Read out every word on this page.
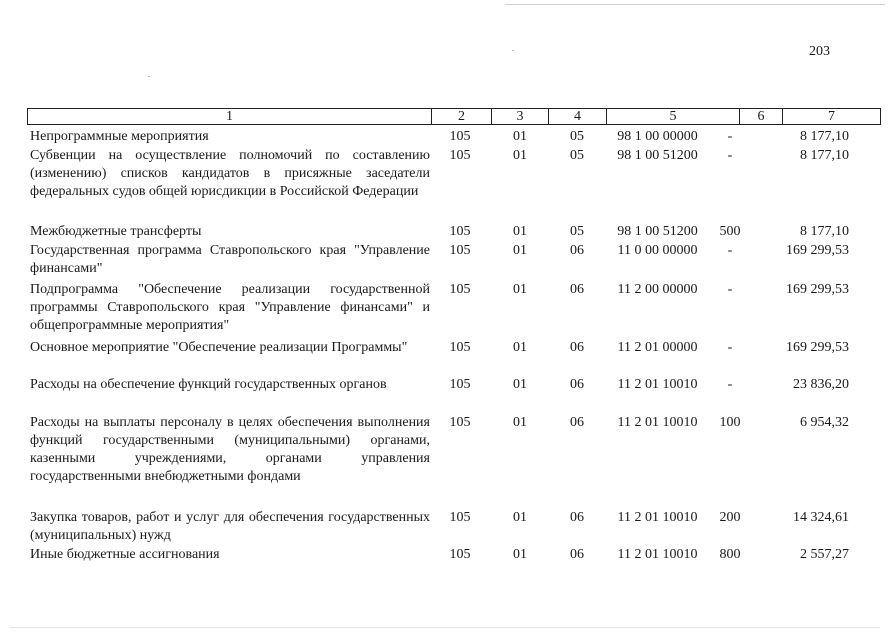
203
1	2	3	4	5	6	7
Непрограммные мероприятия	105	01	05	98 1 00 00000	-	8 177,10
Субвенции на осуществление полномочий по составлению (изменению) списков кандидатов в присяжные заседатели федеральных судов общей юрисдикции в Российской Федерации
105	01	05	98 1 00 51200	-	8 177,10
Межбюджетные трансферты	105	01	05	98 1 00 51200	500	8 177,10
Государственная программа Ставропольского края "Управление финансами"
105	01	06	11 0 00 00000	-	169 299,53
Подпрограмма "Обеспечение реализации государственной программы Ставропольского края "Управление финансами" и общепрограммные мероприятия"
105	01	06	11 2 00 00000	-	169 299,53
Основное мероприятие "Обеспечение реализации Программы"	105	01	06	11 2 01 00000	-	169 299,53
Расходы на обеспечение функций государственных органов	105	01	06	11 2 01 10010	-	23 836,20
Расходы на выплаты персоналу в целях обеспечения выполнения функций государственными (муниципальными) органами, казенными учреждениями, органами управления государственными внебюджетными фондами
105	01	06	11 2 01 10010	100	6 954,32
Закупка товаров, работ и услуг для обеспечения государственных (муниципальных) нужд
105	01	06	11 2 01 10010	200	14 324,61
Иные бюджетные ассигнования	105	01	06	11 2 01 10010	800	2 557,27
